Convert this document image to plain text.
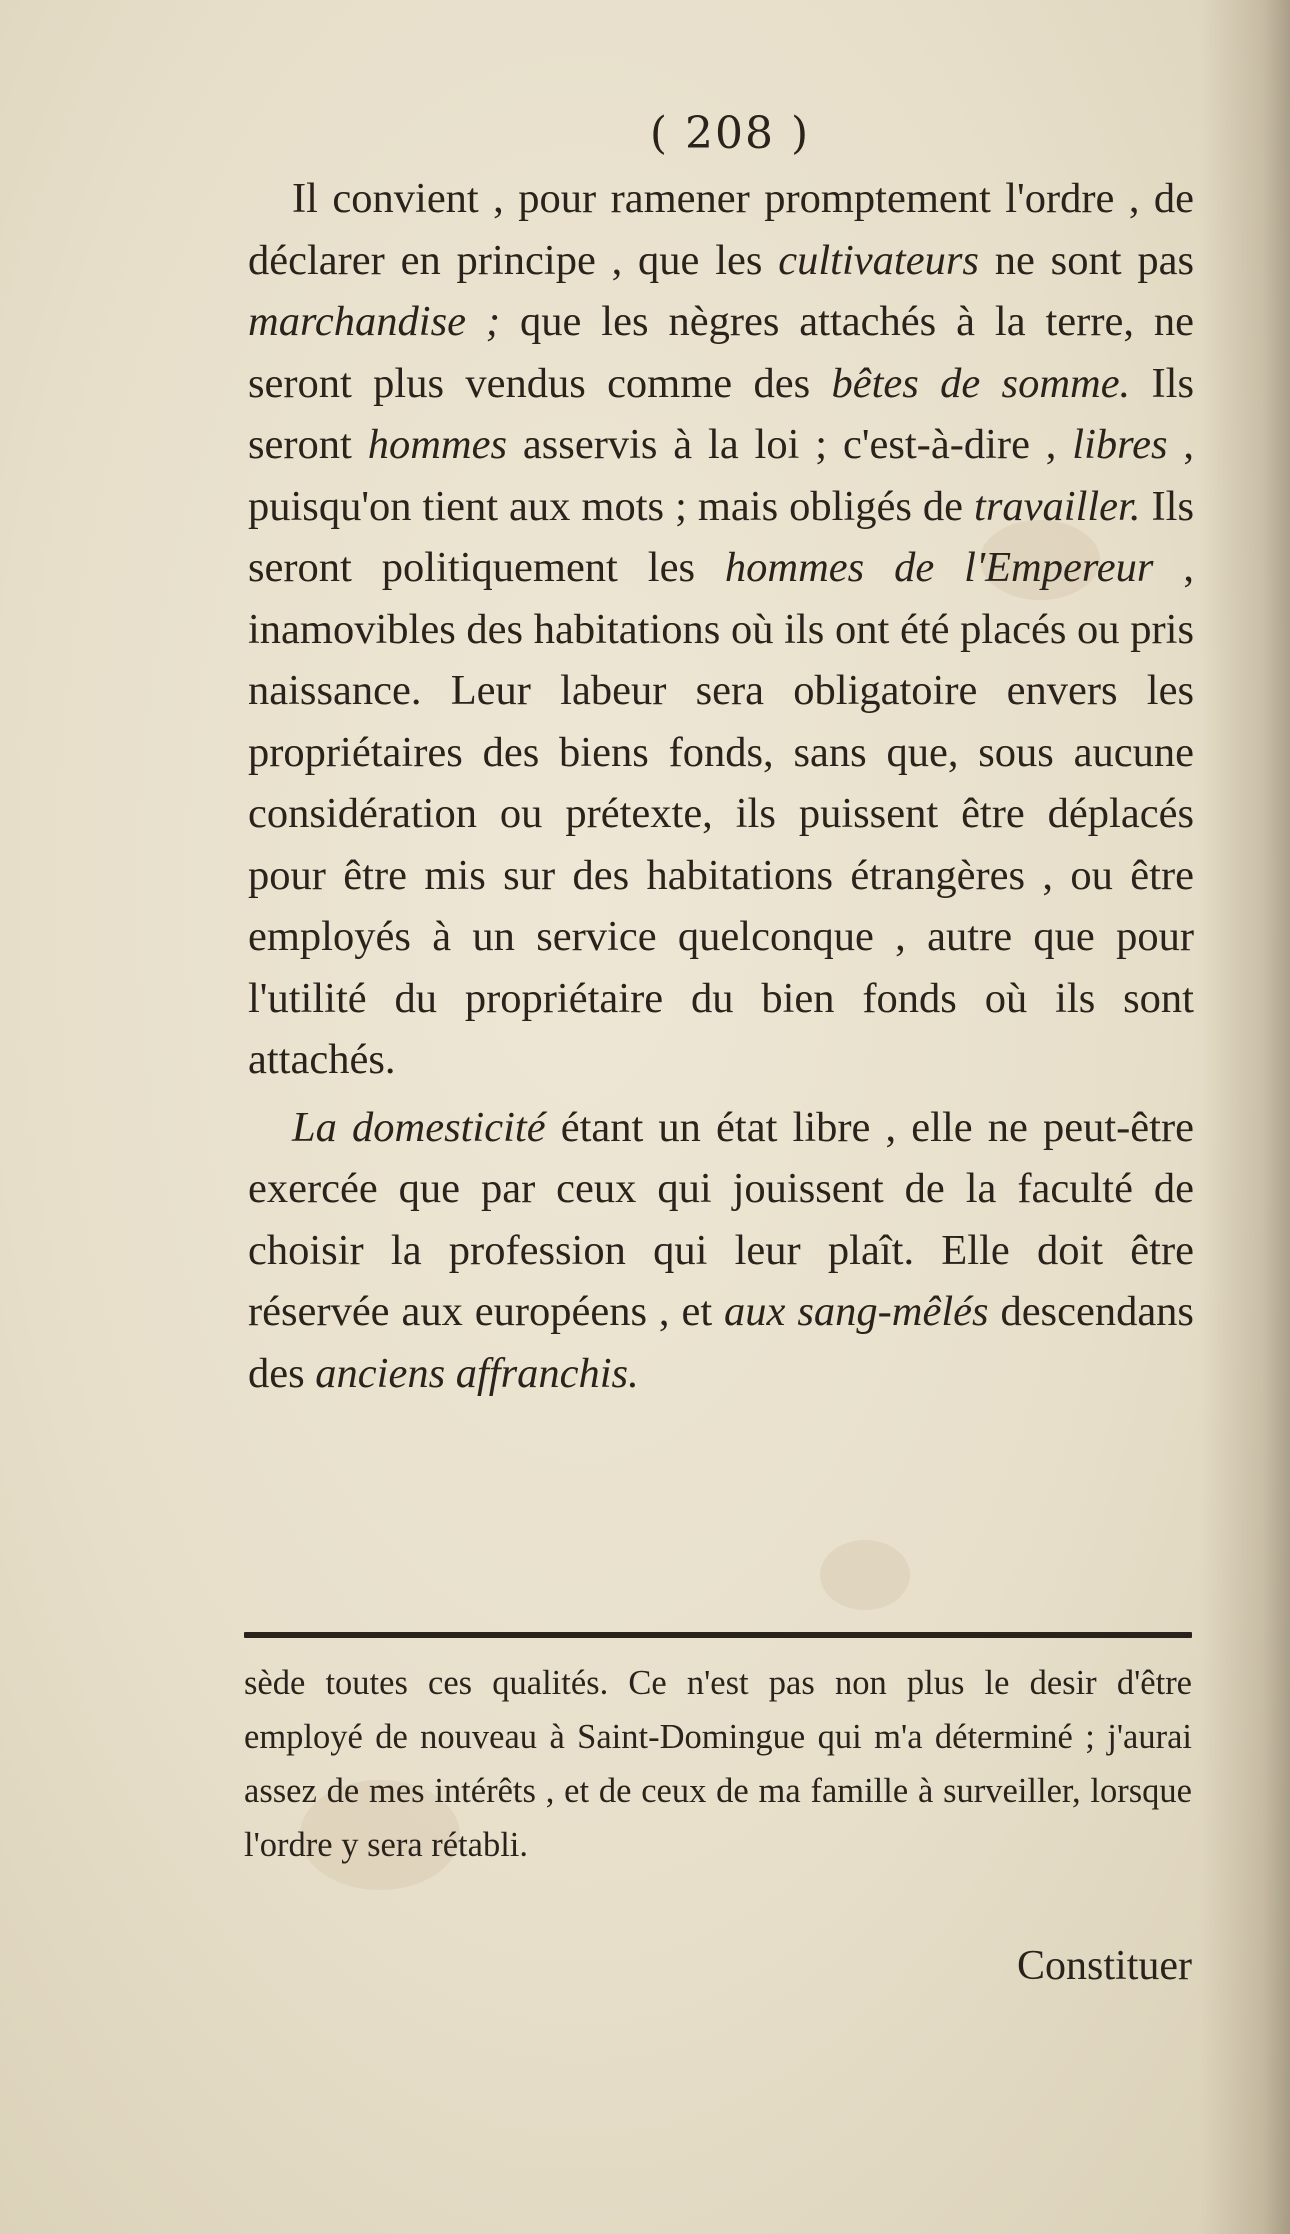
( 208 )

Il convient , pour ramener promptement l'ordre , de déclarer en principe , que les cultivateurs ne sont pas marchandise ; que les nègres attachés à la terre, ne seront plus vendus comme des bêtes de somme. Ils seront hommes asservis à la loi ; c'est-à-dire , libres , puisqu'on tient aux mots ; mais obligés de travailler. Ils seront politiquement les hommes de l'Empereur , inamovibles des habitations où ils ont été placés ou pris naissance. Leur labeur sera obligatoire envers les propriétaires des biens fonds, sans que, sous aucune considération ou prétexte, ils puissent être déplacés pour être mis sur des habitations étrangères , ou être employés à un service quelconque , autre que pour l'utilité du propriétaire du bien fonds où ils sont attachés.

La domesticité étant un état libre , elle ne peut-être exercée que par ceux qui jouissent de la faculté de choisir la profession qui leur plaît. Elle doit être réservée aux européens , et aux sang-mêlés descendans des anciens affranchis.

sède toutes ces qualités. Ce n'est pas non plus le desir d'être employé de nouveau à Saint-Domingue qui m'a déterminé ; j'aurai assez de mes intérêts , et de ceux de ma famille à surveiller, lorsque l'ordre y sera rétabli.
Constituer
